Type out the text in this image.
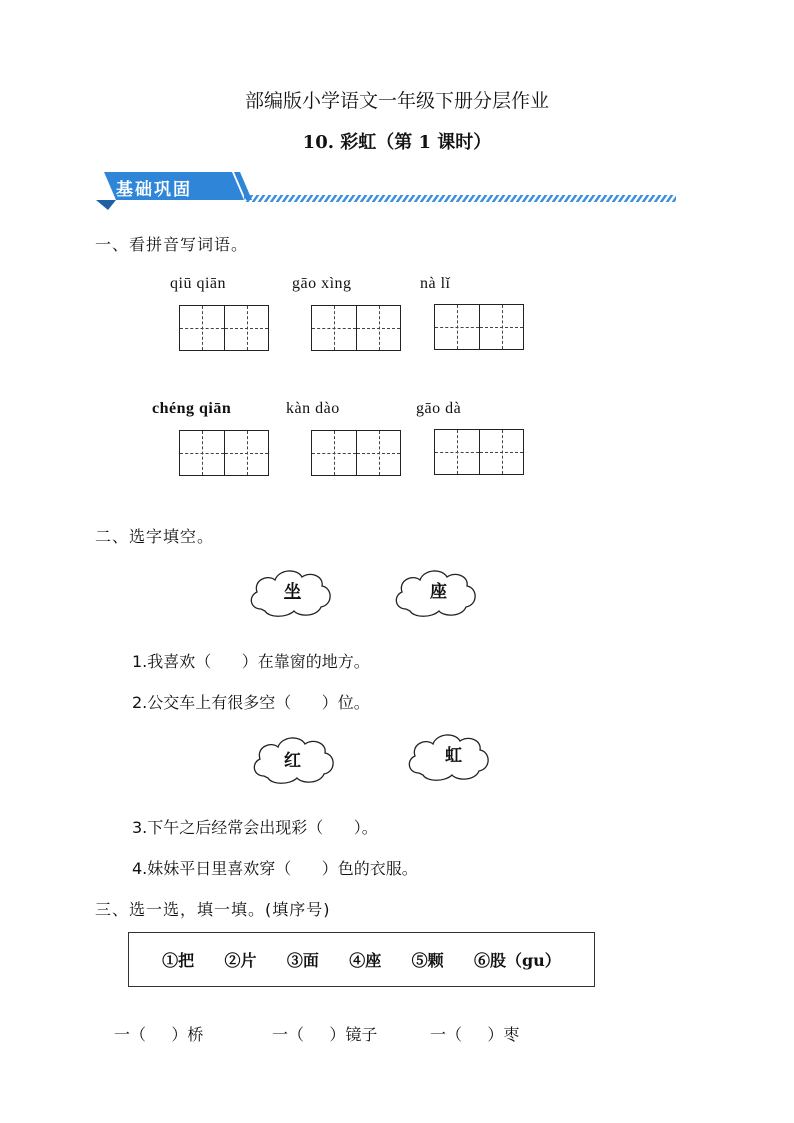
部编版小学语文一年级下册分层作业
10. 彩虹（第 1 课时）
基础巩固
一、看拼音写词语。
qiū qiān	gāo xìng	nà lǐ
chéng qiān	kàn dào	gāo dà
二、选字填空。
坐	座
1.我喜欢（      ）在靠窗的地方。
2.公交车上有很多空（      ）位。
红	虹
3.下午之后经常会出现彩（      ）。
4.妹妹平日里喜欢穿（      ）色的衣服。
三、选一选，填一填。(填序号)
①把 ②片 ③面 ④座 ⑤颗 ⑥股（gu）
一（     ）桥	一（     ）镜子	一（     ）枣
